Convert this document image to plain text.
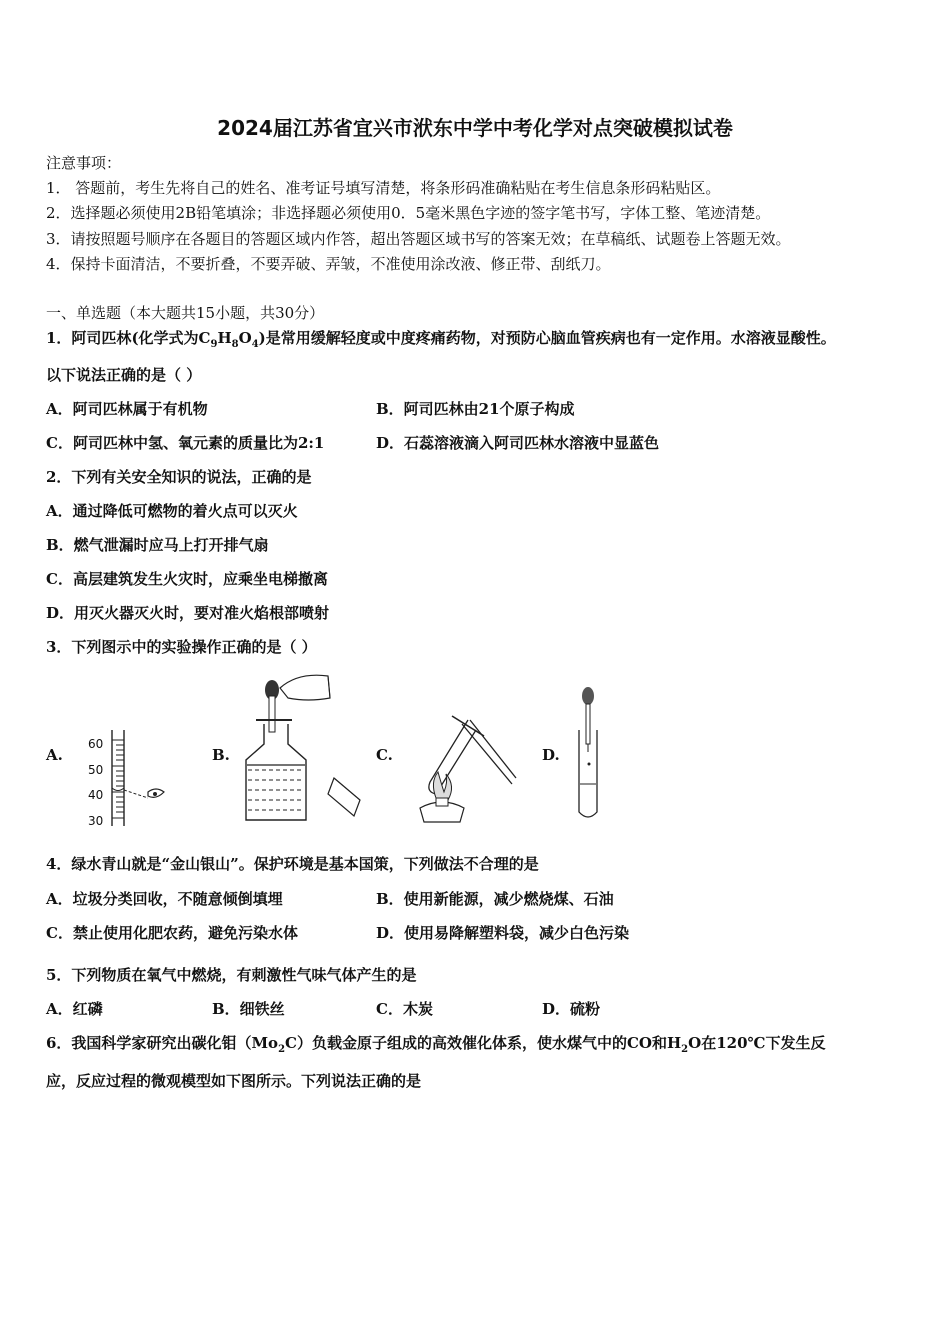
2024届江苏省宜兴市洑东中学中考化学对点突破模拟试卷
注意事项：
1． 答题前，考生先将自己的姓名、准考证号填写清楚，将条形码准确粘贴在考生信息条形码粘贴区。
2．选择题必须使用2B铅笔填涂；非选择题必须使用0．5毫米黑色字迹的签字笔书写，字体工整、笔迹清楚。
3．请按照题号顺序在各题目的答题区域内作答，超出答题区域书写的答案无效；在草稿纸、试题卷上答题无效。
4．保持卡面清洁，不要折叠，不要弄破、弄皱，不准使用涂改液、修正带、刮纸刀。
一、单选题（本大题共15小题，共30分）
1．阿司匹林(化学式为$C_9H_8O_4$)是常用缓解轻度或中度疼痛药物，对预防心脑血管疾病也有一定作用。水溶液显酸性。
以下说法正确的是（ ）
A．阿司匹林属于有机物	B．阿司匹林由21个原子构成
C．阿司匹林中氢、氧元素的质量比为2:1	D．石蕊溶液滴入阿司匹林水溶液中显蓝色
2．下列有关安全知识的说法，正确的是
A．通过降低可燃物的着火点可以灭火
B．燃气泄漏时应马上打开排气扇
C．高层建筑发生火灾时，应乘坐电梯撤离
D．用灭火器灭火时，要对准火焰根部喷射
3．下列图示中的实验操作正确的是（ ）
A.
60
50
40
30
B.	C.	D.
4．绿水青山就是“金山银山”。保护环境是基本国策，下列做法不合理的是
A．垃圾分类回收，不随意倾倒填埋	B．使用新能源，减少燃烧煤、石油
C．禁止使用化肥农药，避免污染水体	D．使用易降解塑料袋，减少白色污染
5．下列物质在氧气中燃烧，有刺激性气味气体产生的是
A．红磷	B．细铁丝	C．木炭	D．硫粉
6．我国科学家研究出碳化钼$(Mo_2C)$负载金原子组成的高效催化体系，使水煤气中的CO和$H_2O$在120℃下发生反
应，反应过程的微观模型如下图所示。下列说法正确的是
